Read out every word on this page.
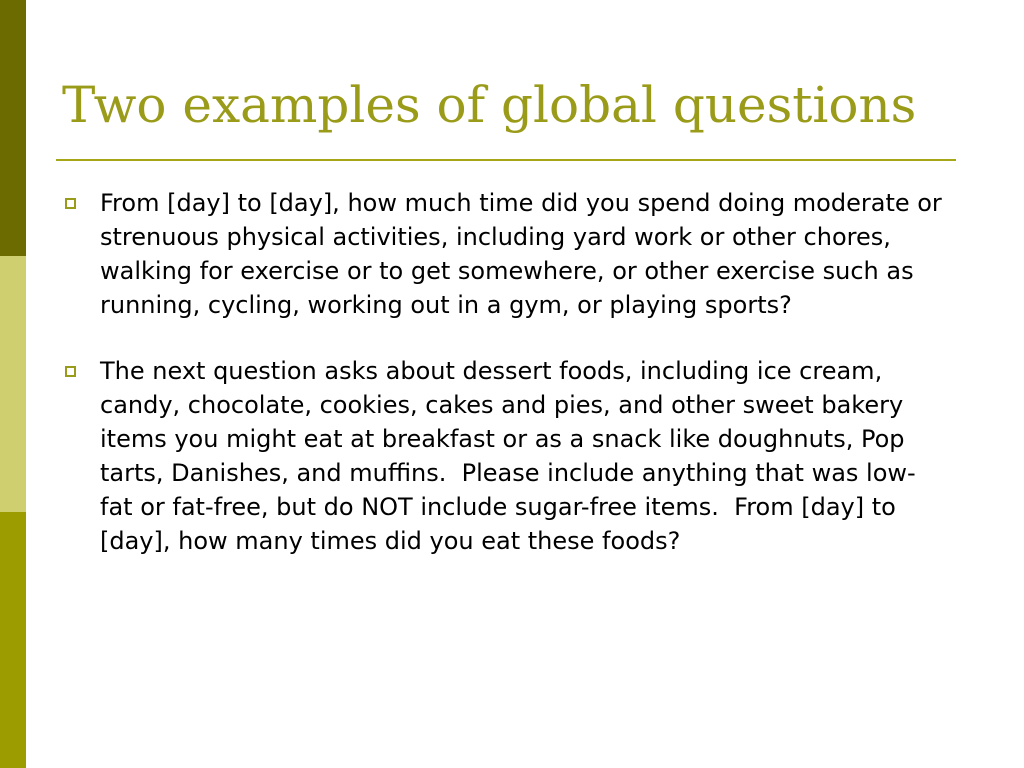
Two examples of global questions
From [day] to [day], how much time did you spend doing moderate or strenuous physical activities, including yard work or other chores, walking for exercise or to get somewhere, or other exercise such as running, cycling, working out in a gym, or playing sports?
The next question asks about dessert foods, including ice cream, candy, chocolate, cookies, cakes and pies, and other sweet bakery items you might eat at breakfast or as a snack like doughnuts, Pop tarts, Danishes, and muffins.  Please include anything that was low-fat or fat-free, but do NOT include sugar-free items.  From [day] to [day], how many times did you eat these foods?
